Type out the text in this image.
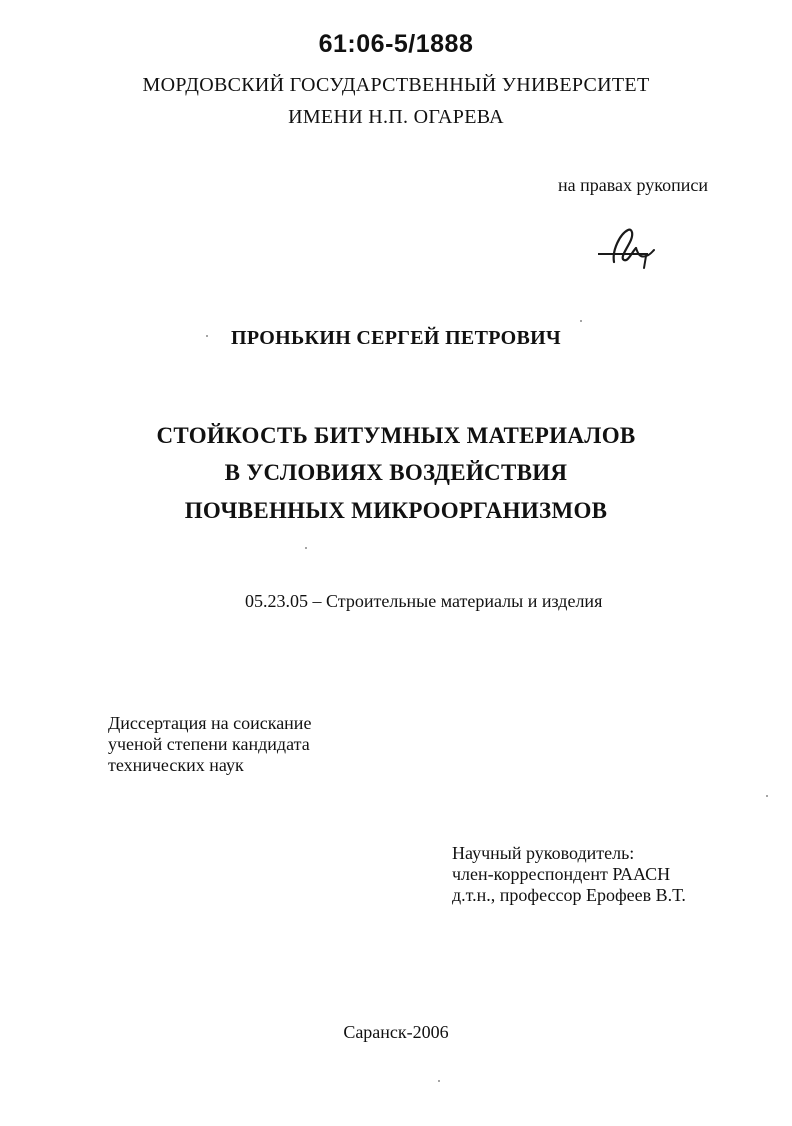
61:06-5/1888
МОРДОВСКИЙ ГОСУДАРСТВЕННЫЙ УНИВЕРСИТЕТ
ИМЕНИ Н.П. ОГАРЕВА
на правах рукописи
ПРОНЬКИН СЕРГЕЙ ПЕТРОВИЧ
СТОЙКОСТЬ БИТУМНЫХ МАТЕРИАЛОВ
В УСЛОВИЯХ ВОЗДЕЙСТВИЯ
ПОЧВЕННЫХ МИКРООРГАНИЗМОВ
05.23.05 – Строительные материалы и изделия
Диссертация на соискание
ученой степени кандидата
технических наук
Научный руководитель:
член-корреспондент РААСН
д.т.н., профессор Ерофеев В.Т.
Саранск-2006
